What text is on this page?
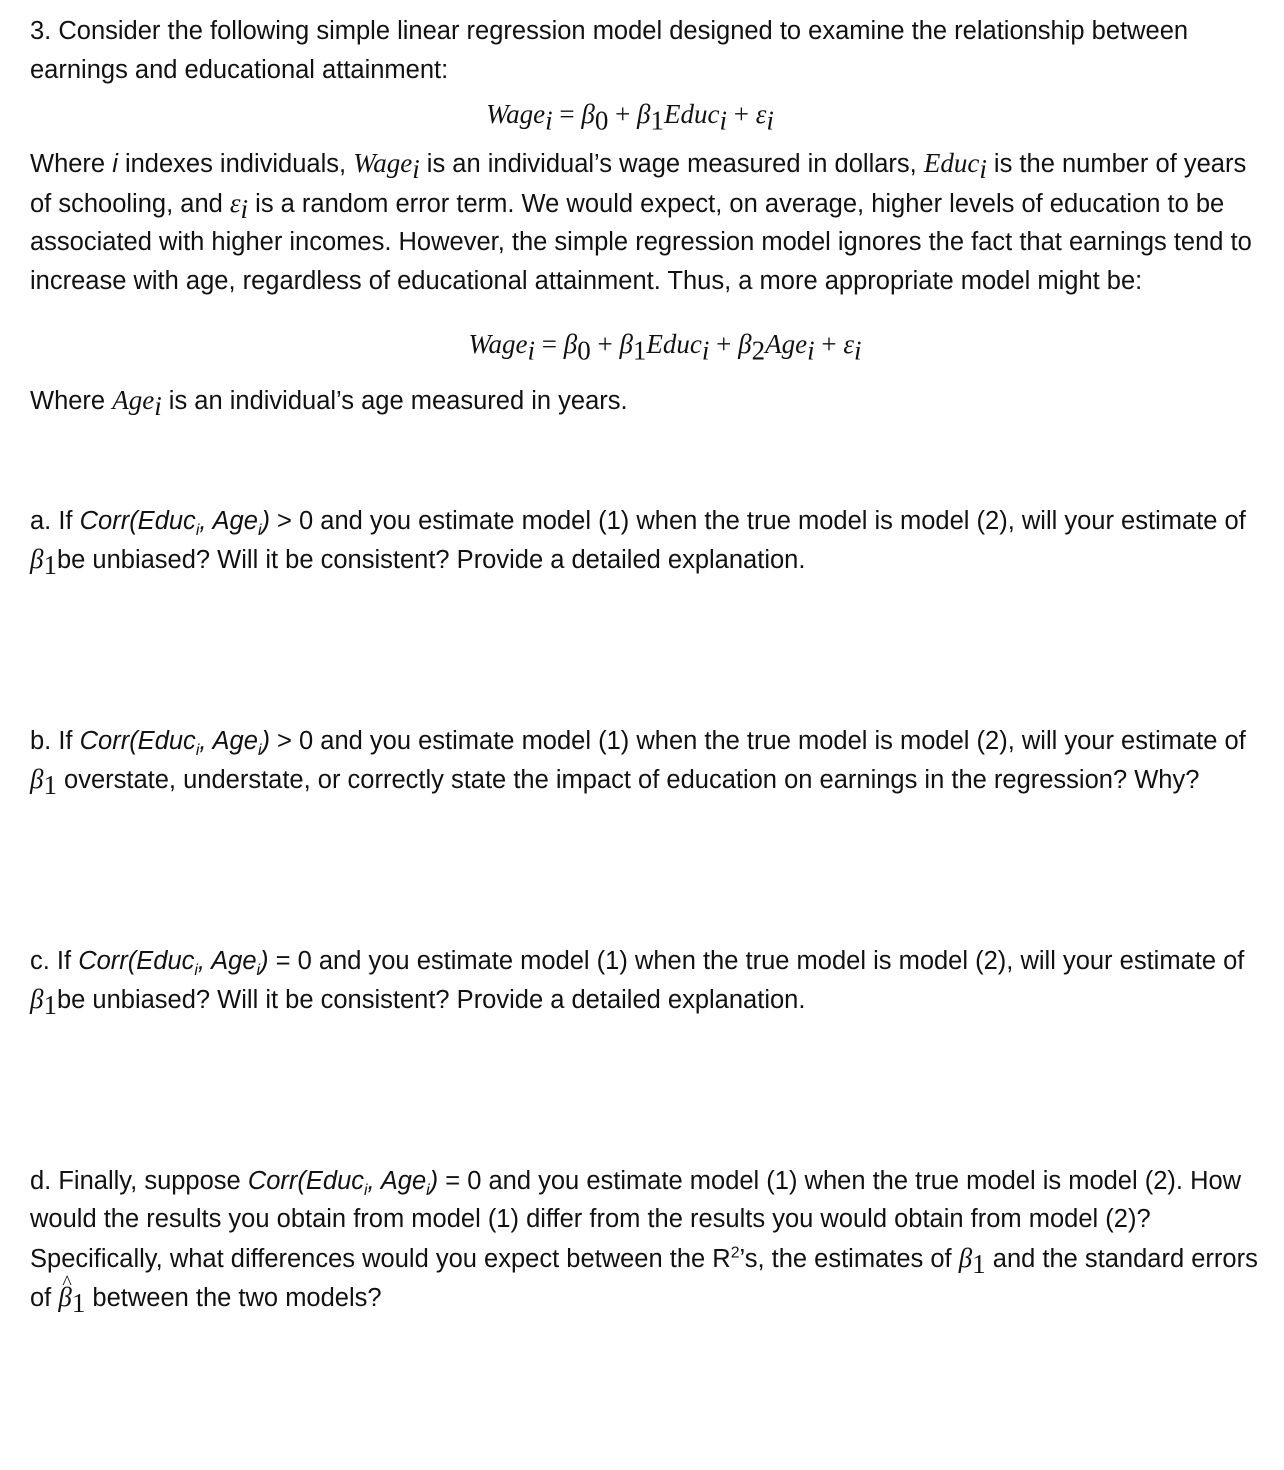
3. Consider the following simple linear regression model designed to examine the relationship between earnings and educational attainment:

Wage$_i$ = $\beta_0$ + $\beta_1Educ_i + \varepsilon_i$

Where i indexes individuals, Wage$_i$ is an individual’s wage measured in dollars, Educ$_i$ is the number of years of schooling, and $\varepsilon_i$ is a random error term. We would expect, on average, higher levels of education to be associated with higher incomes. However, the simple regression model ignores the fact that earnings tend to increase with age, regardless of educational attainment. Thus, a more appropriate model might be:

Wage$_i$ = $\beta_0$ + $\beta_1Educ_i + \beta_2Age_i + \varepsilon_i$

Where Age$_i$ is an individual’s age measured in years.

a. If Corr(Educ$_i$, Age$_i$) > 0 and you estimate model (1) when the true model is model (2), will your estimate of $\beta_1be$ unbiased? Will it be consistent? Provide a detailed explanation.

b. If Corr(Educ$_i$, Age$_i$) > 0 and you estimate model (1) when the true model is model (2), will your estimate of $\beta_1$ overstate, understate, or correctly state the impact of education on earnings in the regression? Why?

c. If Corr(Educ$_i$, Age$_i$) = 0 and you estimate model (1) when the true model is model (2), will your estimate of $\beta_1be$ unbiased? Will it be consistent? Provide a detailed explanation.

d. Finally, suppose Corr(Educ$_i$, Age$_i$) = 0 and you estimate model (1) when the true model is model (2). How would the results you obtain from model (1) differ from the results you would obtain from model (2)? Specifically, what differences would you expect between the $R^2’s$, the estimates of $\beta_1$ and the standard errors of ^ $\beta_1$ between the two models?
